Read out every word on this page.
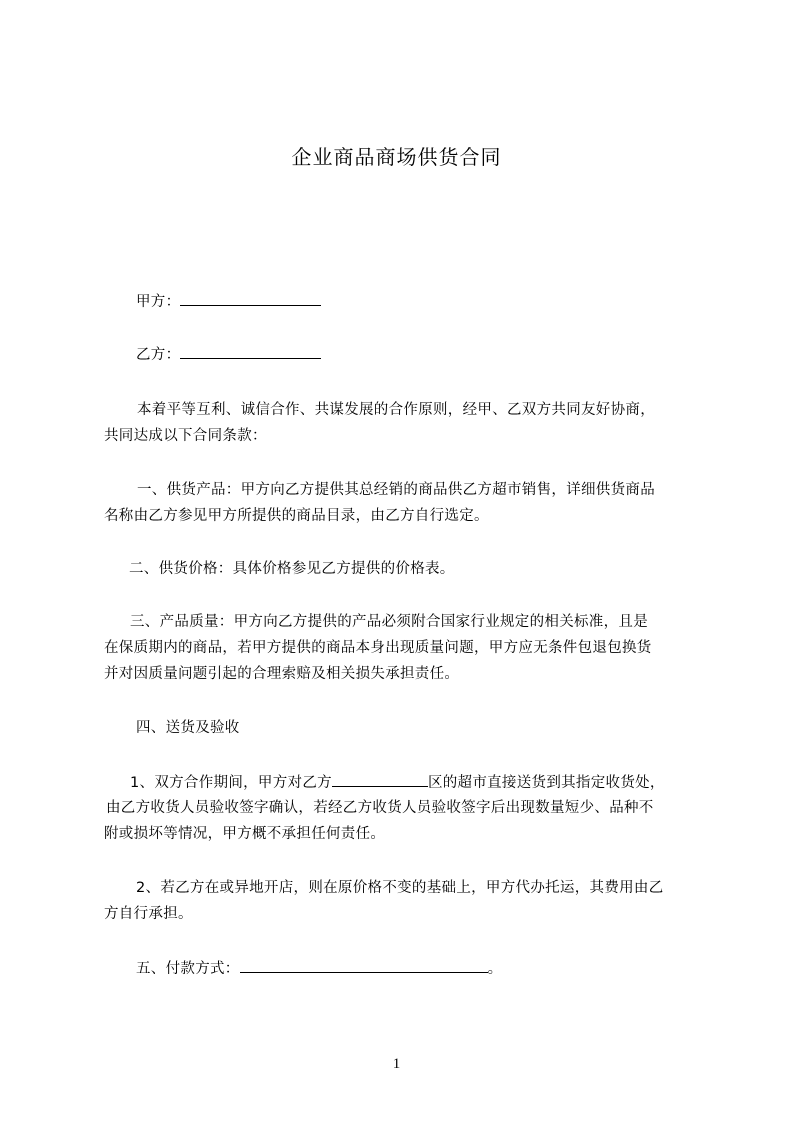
企业商品商场供货合同
甲方：
乙方：
本着平等互利、诚信合作、共谋发展的合作原则，经甲、乙双方共同友好协商，
共同达成以下合同条款：
一、供货产品：甲方向乙方提供其总经销的商品供乙方超市销售，详细供货商品
名称由乙方参见甲方所提供的商品目录，由乙方自行选定。
二、供货价格：具体价格参见乙方提供的价格表。
三、产品质量：甲方向乙方提供的产品必须附合国家行业规定的相关标准，且是
在保质期内的商品，若甲方提供的商品本身出现质量问题，甲方应无条件包退包换货
并对因质量问题引起的合理索赔及相关损失承担责任。
四、送货及验收
1、双方合作期间，甲方对乙方	区的超市直接送货到其指定收货处，
由乙方收货人员验收签字确认，若经乙方收货人员验收签字后出现数量短少、品种不
附或损坏等情况，甲方概不承担任何责任。
2、若乙方在或异地开店，则在原价格不变的基础上，甲方代办托运，其费用由乙
方自行承担。
五、付款方式：	。
1
